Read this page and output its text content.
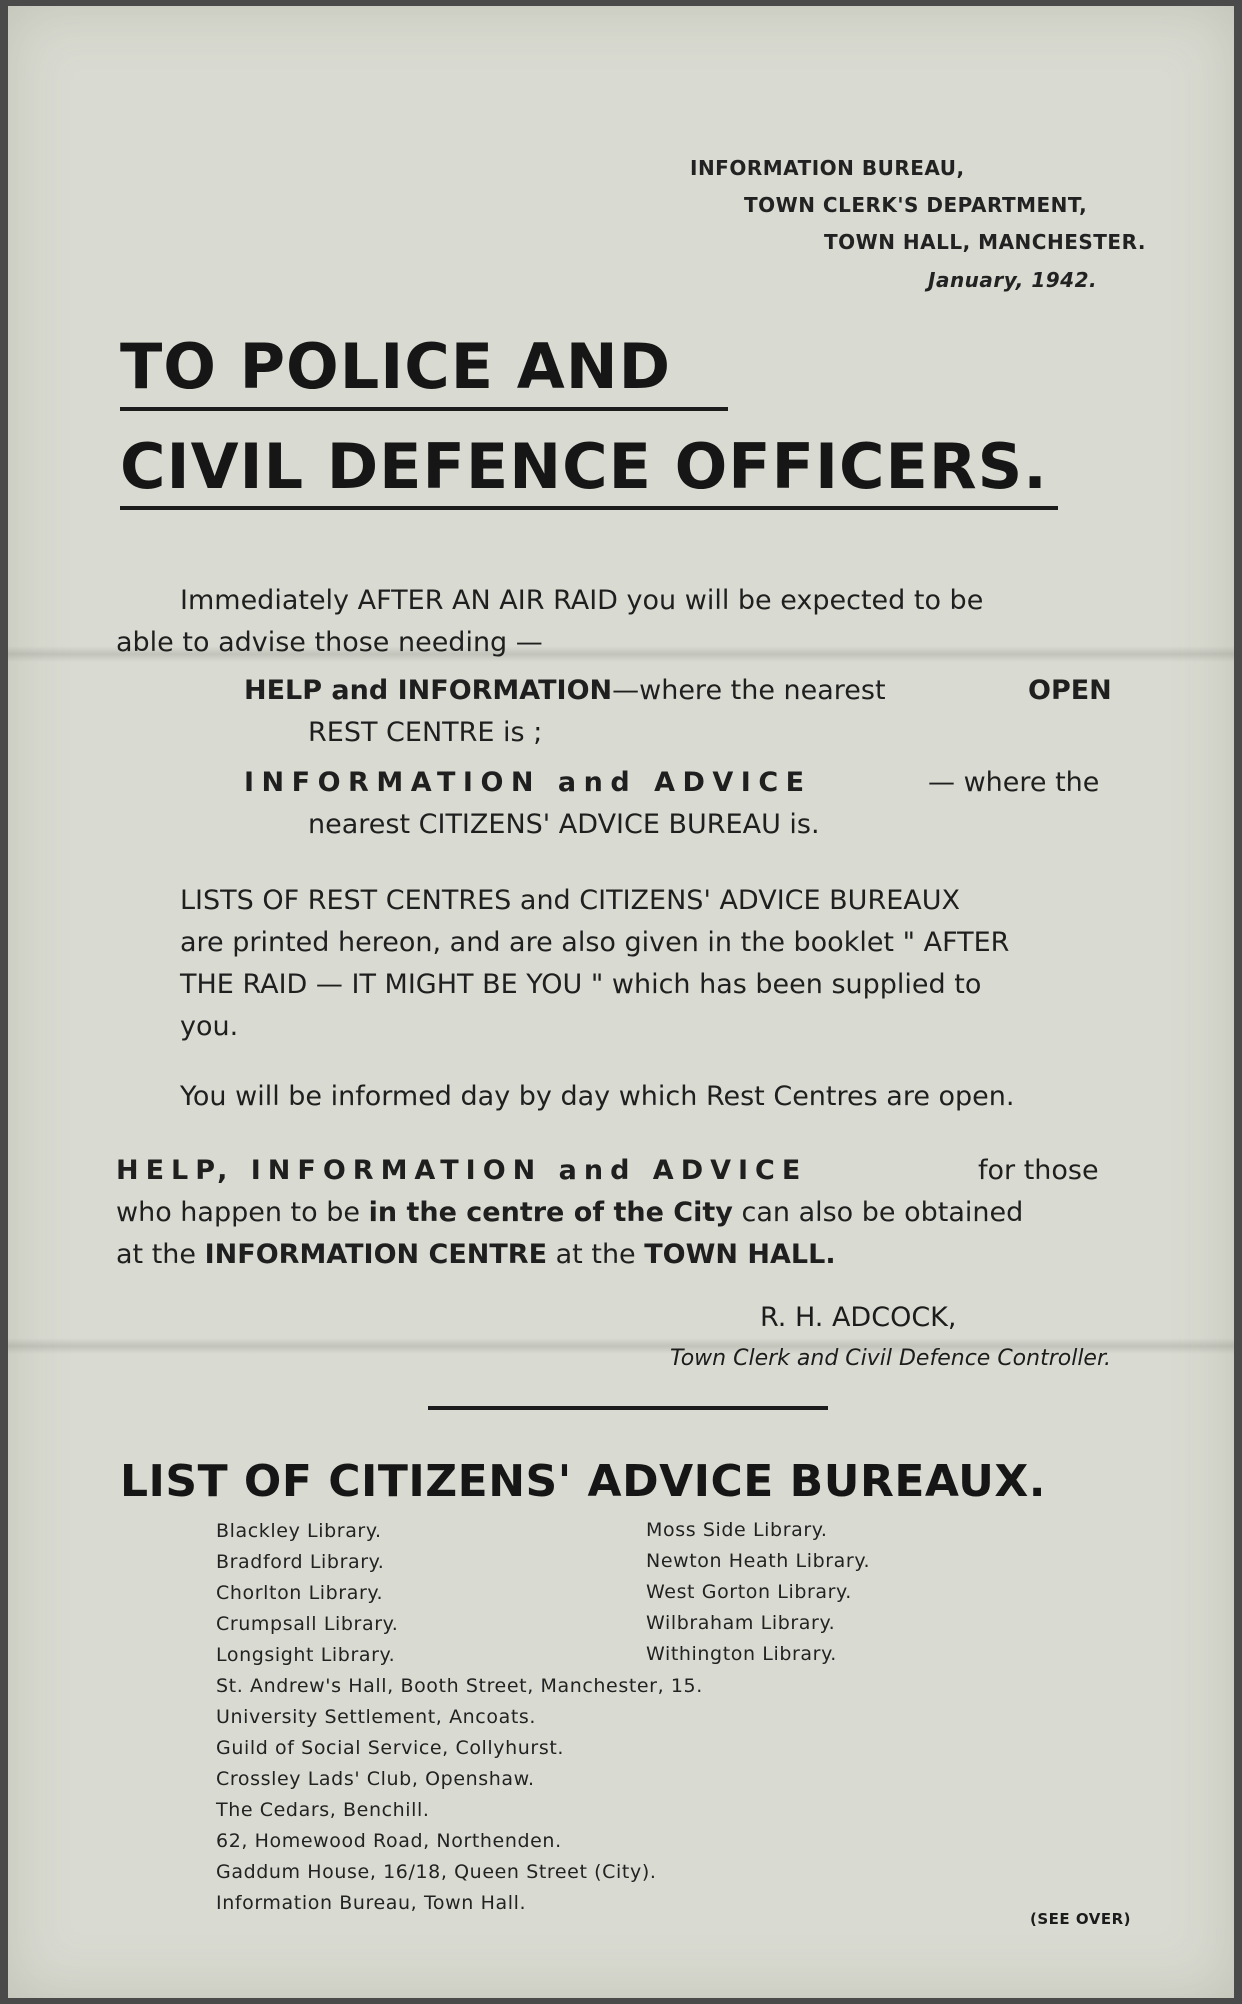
INFORMATION BUREAU,
TOWN CLERK'S DEPARTMENT,
TOWN HALL, MANCHESTER.
January, 1942.
TO POLICE AND
CIVIL DEFENCE OFFICERS.
Immediately AFTER AN AIR RAID you will be expected to be
able to advise those needing —
HELP and INFORMATION—where the nearest	OPEN
REST CENTRE is ;
INFORMATION and ADVICE	— where the
nearest CITIZENS' ADVICE BUREAU is.
LISTS OF REST CENTRES and CITIZENS' ADVICE BUREAUX
are printed hereon, and are also given in the booklet " AFTER
THE RAID — IT MIGHT BE YOU " which has been supplied to
you.
You will be informed day by day which Rest Centres are open.
HELP, INFORMATION and ADVICE	for those
who happen to be in the centre of the City can also be obtained
at the INFORMATION CENTRE at the TOWN HALL.
R. H. ADCOCK,
Town Clerk and Civil Defence Controller.
LIST OF CITIZENS' ADVICE BUREAUX.
Blackley Library.
Bradford Library.
Chorlton Library.
Crumpsall Library.
Longsight Library.
Moss Side Library.
Newton Heath Library.
West Gorton Library.
Wilbraham Library.
Withington Library.
St. Andrew's Hall, Booth Street, Manchester, 15.
University Settlement, Ancoats.
Guild of Social Service, Collyhurst.
Crossley Lads' Club, Openshaw.
The Cedars, Benchill.
62, Homewood Road, Northenden.
Gaddum House, 16/18, Queen Street (City).
Information Bureau, Town Hall.
(SEE OVER)
